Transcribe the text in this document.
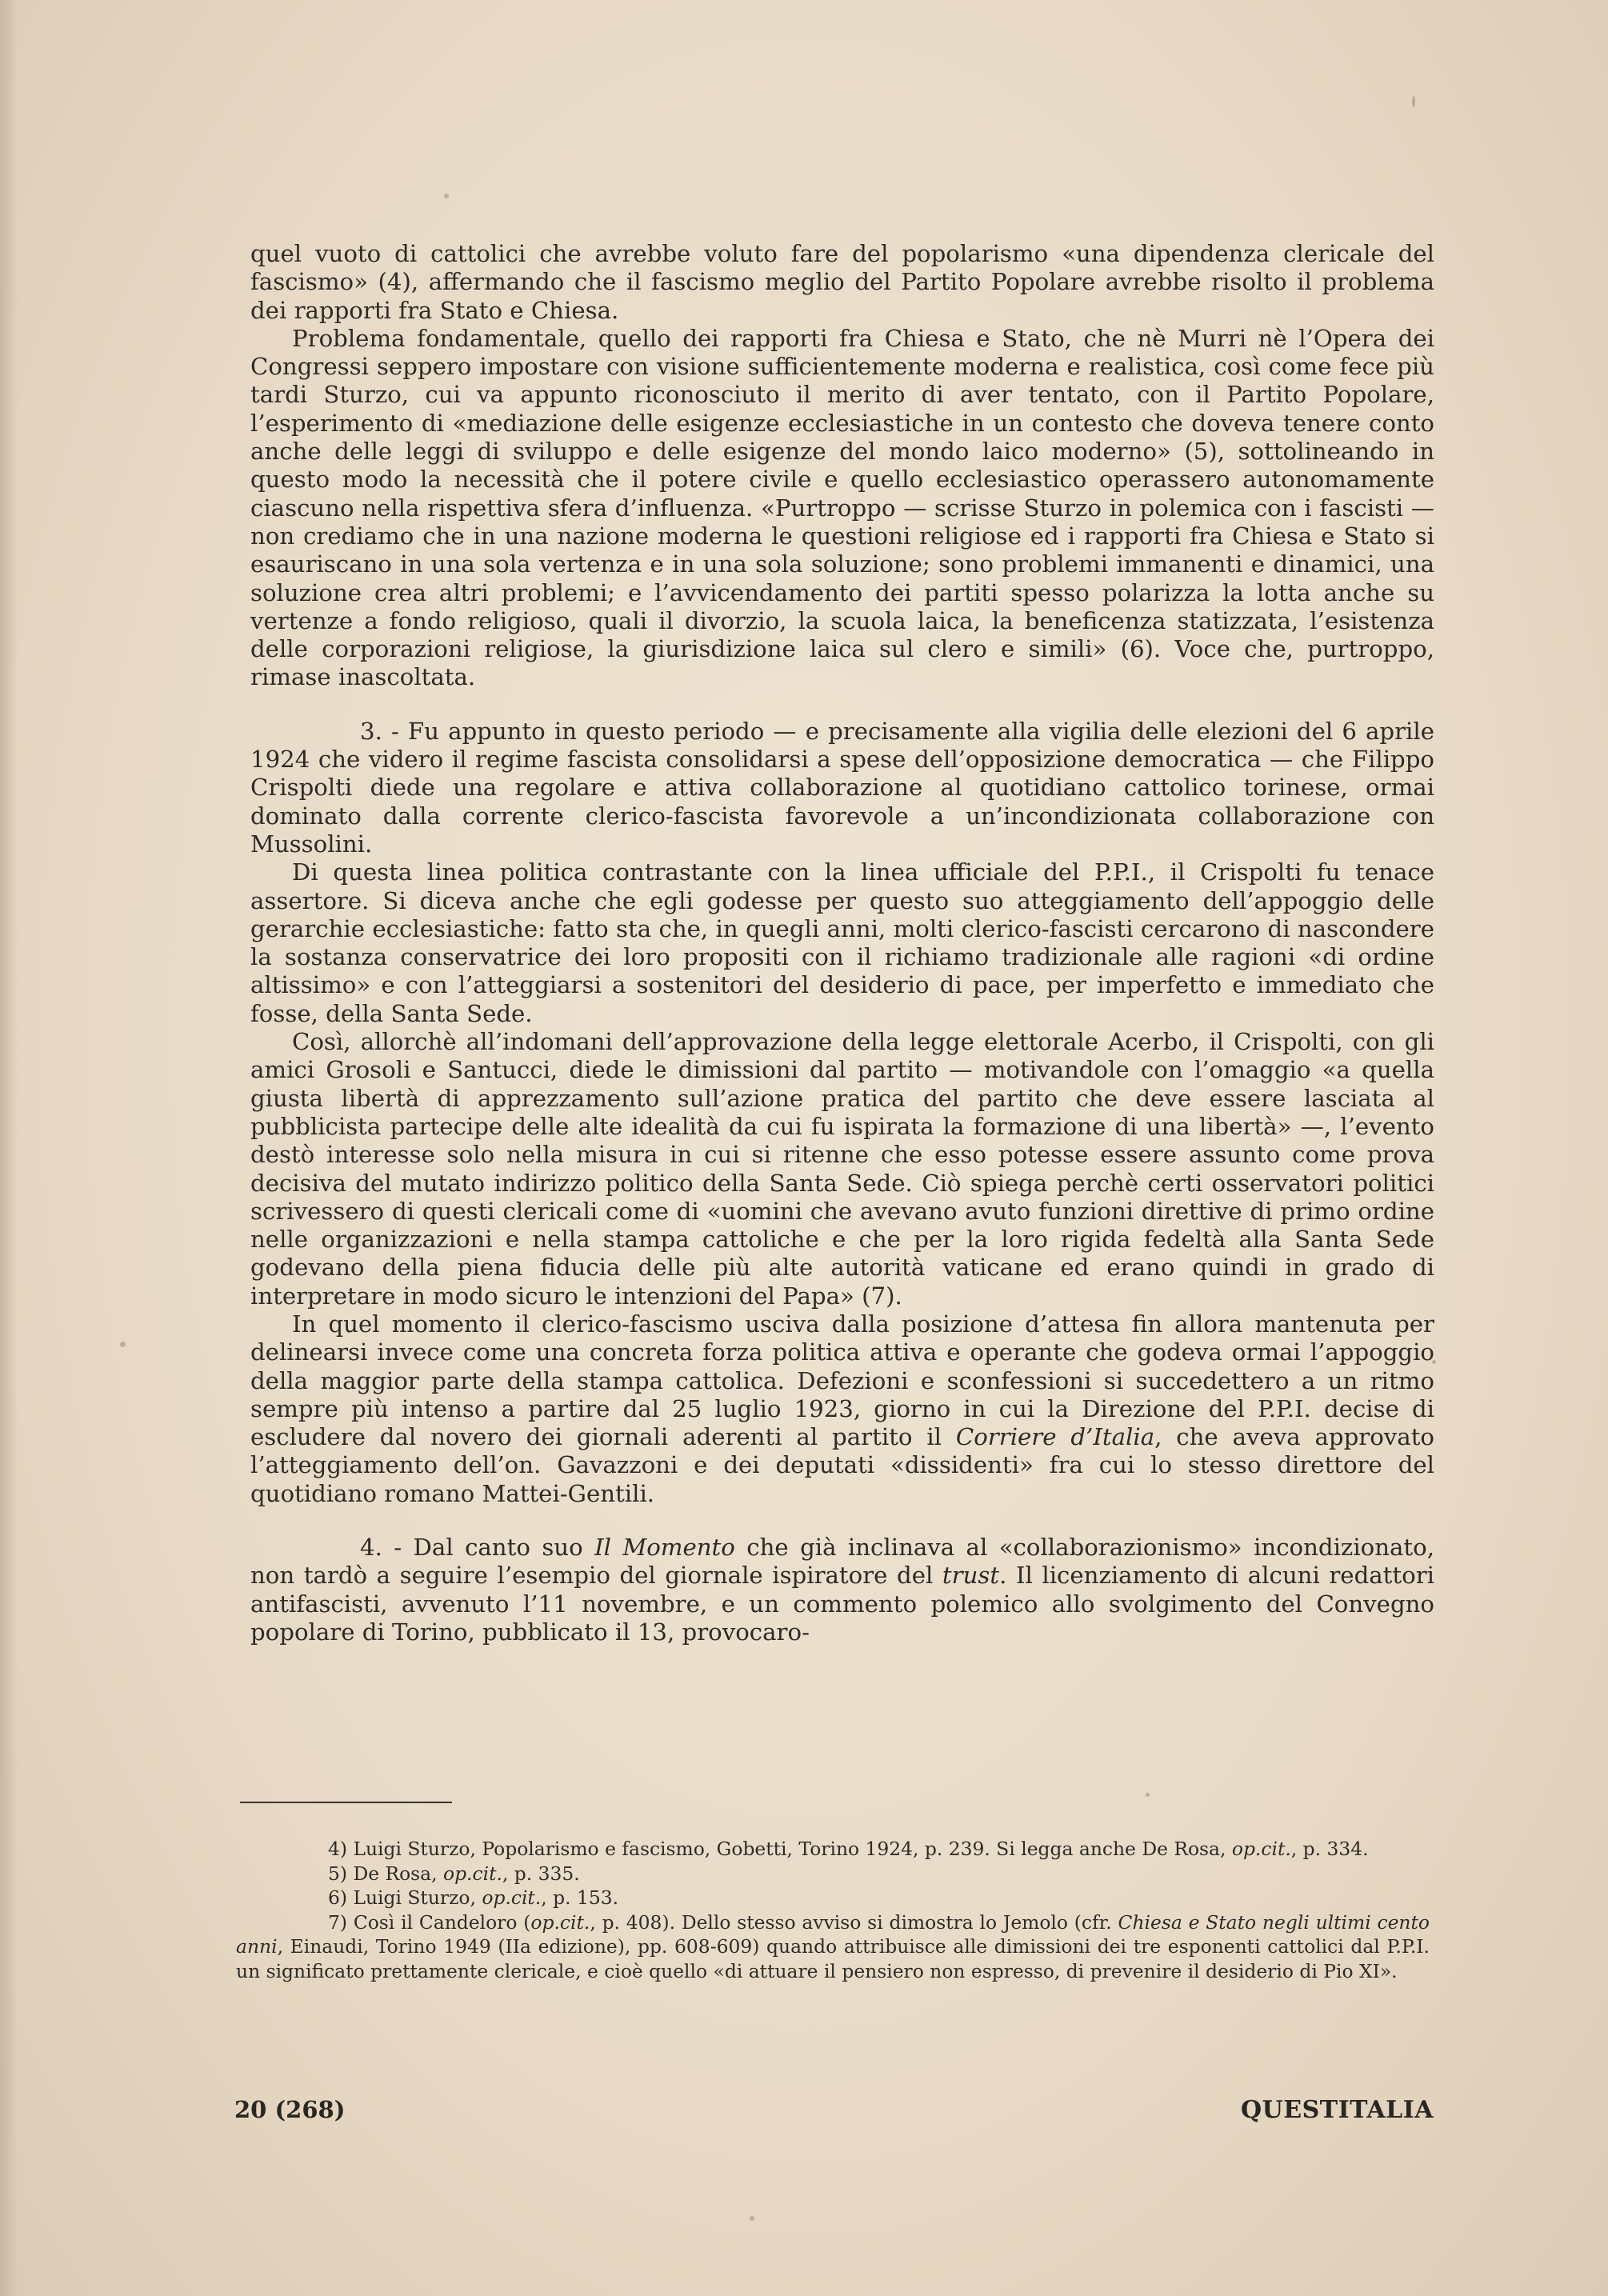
quel vuoto di cattolici che avrebbe voluto fare del popolarismo «una dipendenza clericale del fascismo» (4), affermando che il fascismo meglio del Partito Popolare avrebbe risolto il problema dei rapporti fra Stato e Chiesa.

Problema fondamentale, quello dei rapporti fra Chiesa e Stato, che nè Murri nè l’Opera dei Congressi seppero impostare con visione sufficientemente moderna e realistica, così come fece più tardi Sturzo, cui va appunto riconosciuto il merito di aver tentato, con il Partito Popolare, l’esperimento di «mediazione delle esigenze ecclesiastiche in un contesto che doveva tenere conto anche delle leggi di sviluppo e delle esigenze del mondo laico moderno» (5), sottolineando in questo modo la necessità che il potere civile e quello ecclesiastico operassero autonomamente ciascuno nella rispettiva sfera d’influenza. «Purtroppo — scrisse Sturzo in polemica con i fascisti — non crediamo che in una nazione moderna le questioni religiose ed i rapporti fra Chiesa e Stato si esauriscano in una sola vertenza e in una sola soluzione; sono problemi immanenti e dinamici, una soluzione crea altri problemi; e l’avvicendamento dei partiti spesso polarizza la lotta anche su vertenze a fondo religioso, quali il divorzio, la scuola laica, la beneficenza statizzata, l’esistenza delle corporazioni religiose, la giurisdizione laica sul clero e simili» (6). Voce che, purtroppo, rimase inascoltata.

3. - Fu appunto in questo periodo — e precisamente alla vigilia delle elezioni del 6 aprile 1924 che videro il regime fascista consolidarsi a spese dell’opposizione democratica — che Filippo Crispolti diede una regolare e attiva collaborazione al quotidiano cattolico torinese, ormai dominato dalla corrente clerico-fascista favorevole a un’incondizionata collaborazione con Mussolini.

Di questa linea politica contrastante con la linea ufficiale del P.P.I., il Crispolti fu tenace assertore. Si diceva anche che egli godesse per questo suo atteggiamento dell’appoggio delle gerarchie ecclesiastiche: fatto sta che, in quegli anni, molti clerico-fascisti cercarono di nascondere la sostanza conservatrice dei loro propositi con il richiamo tradizionale alle ragioni «di ordine altissimo» e con l’atteggiarsi a sostenitori del desiderio di pace, per imperfetto e immediato che fosse, della Santa Sede.

Così, allorchè all’indomani dell’approvazione della legge elettorale Acerbo, il Crispolti, con gli amici Grosoli e Santucci, diede le dimissioni dal partito — motivandole con l’omaggio «a quella giusta libertà di apprezzamento sull’azione pratica del partito che deve essere lasciata al pubblicista partecipe delle alte idealità da cui fu ispirata la formazione di una libertà» —, l’evento destò interesse solo nella misura in cui si ritenne che esso potesse essere assunto come prova decisiva del mutato indirizzo politico della Santa Sede. Ciò spiega perchè certi osservatori politici scrivessero di questi clericali come di «uomini che avevano avuto funzioni direttive di primo ordine nelle organizzazioni e nella stampa cattoliche e che per la loro rigida fedeltà alla Santa Sede godevano della piena fiducia delle più alte autorità vaticane ed erano quindi in grado di interpretare in modo sicuro le intenzioni del Papa» (7).

In quel momento il clerico-fascismo usciva dalla posizione d’attesa fin allora mantenuta per delinearsi invece come una concreta forza politica attiva e operante che godeva ormai l’appoggio della maggior parte della stampa cattolica. Defezioni e sconfessioni si succedettero a un ritmo sempre più intenso a partire dal 25 luglio 1923, giorno in cui la Direzione del P.P.I. decise di escludere dal novero dei giornali aderenti al partito il Corriere d’Italia, che aveva approvato l’atteggiamento dell’on. Gavazzoni e dei deputati «dissidenti» fra cui lo stesso direttore del quotidiano romano Mattei-Gentili.

4. - Dal canto suo Il Momento che già inclinava al «collaborazionismo» incondizionato, non tardò a seguire l’esempio del giornale ispiratore del trust. Il licenziamento di alcuni redattori antifascisti, avvenuto l’11 novembre, e un commento polemico allo svolgimento del Convegno popolare di Torino, pubblicato il 13, provocaro-

4) Luigi Sturzo, Popolarismo e fascismo, Gobetti, Torino 1924, p. 239. Si legga anche De Rosa, op.cit., p. 334.

5) De Rosa, op.cit., p. 335.

6) Luigi Sturzo, op.cit., p. 153.

7) Così il Candeloro (op.cit., p. 408). Dello stesso avviso si dimostra lo Jemolo (cfr. Chiesa e Stato negli ultimi cento anni, Einaudi, Torino 1949 (IIa edizione), pp. 608-609) quando attribuisce alle dimissioni dei tre esponenti cattolici dal P.P.I. un significato prettamente clericale, e cioè quello «di attuare il pensiero non espresso, di prevenire il desiderio di Pio XI».

20 (268)	QUESTITALIA
